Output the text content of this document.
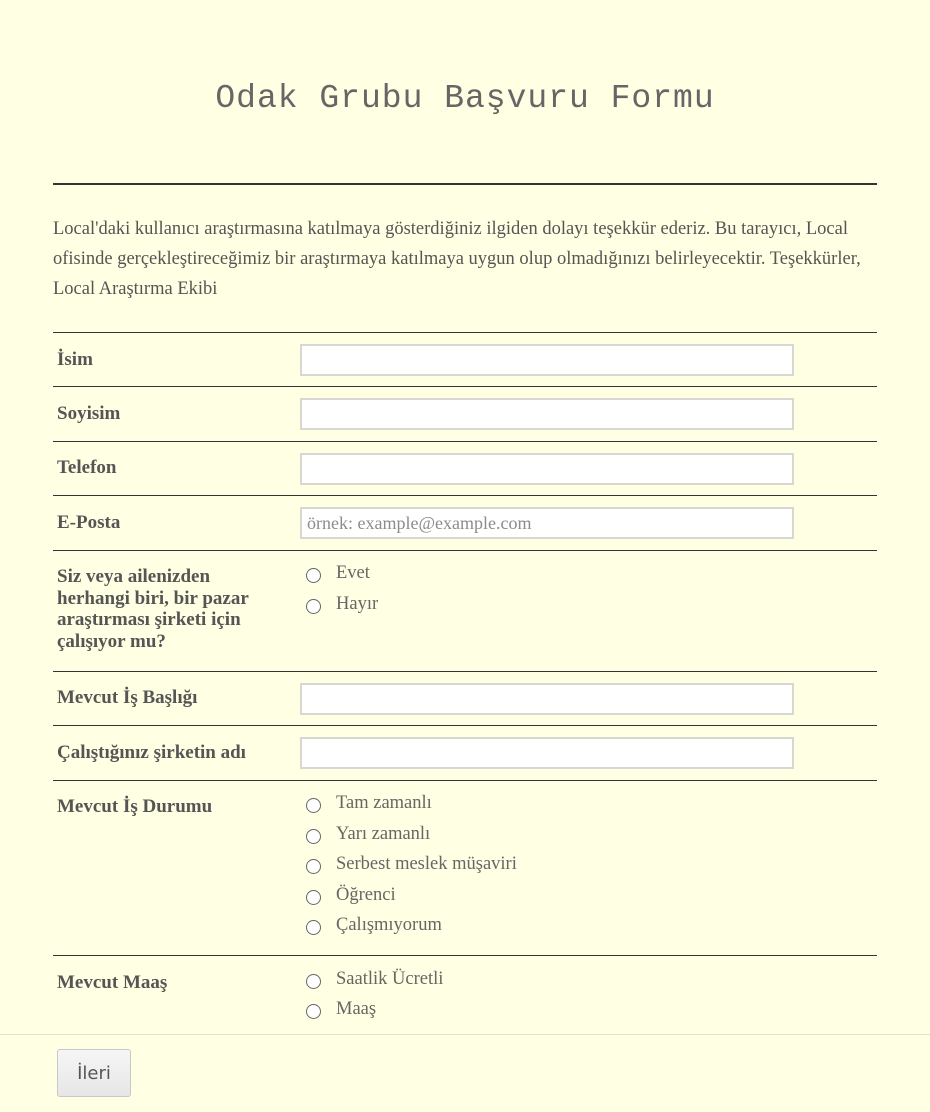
Odak Grubu Başvuru Formu
Local'daki kullanıcı araştırmasına katılmaya gösterdiğiniz ilgiden dolayı teşekkür ederiz. Bu tarayıcı, Local ofisinde gerçekleştireceğimiz bir araştırmaya katılmaya uygun olup olmadığınızı belirleyecektir. Teşekkürler, Local Araştırma Ekibi
İsim
Soyisim
Telefon
E-Posta
örnek: example@example.com
Siz veya ailenizden herhangi biri, bir pazar araştırması şirketi için çalışıyor mu?
Evet
Hayır
Mevcut İş Başlığı
Çalıştığınız şirketin adı
Mevcut İş Durumu	Tam zamanlı
Yarı zamanlı
Serbest meslek müşaviri
Öğrenci
Çalışmıyorum
Mevcut Maaş	Saatlik Ücretli
Maaş
İleri
